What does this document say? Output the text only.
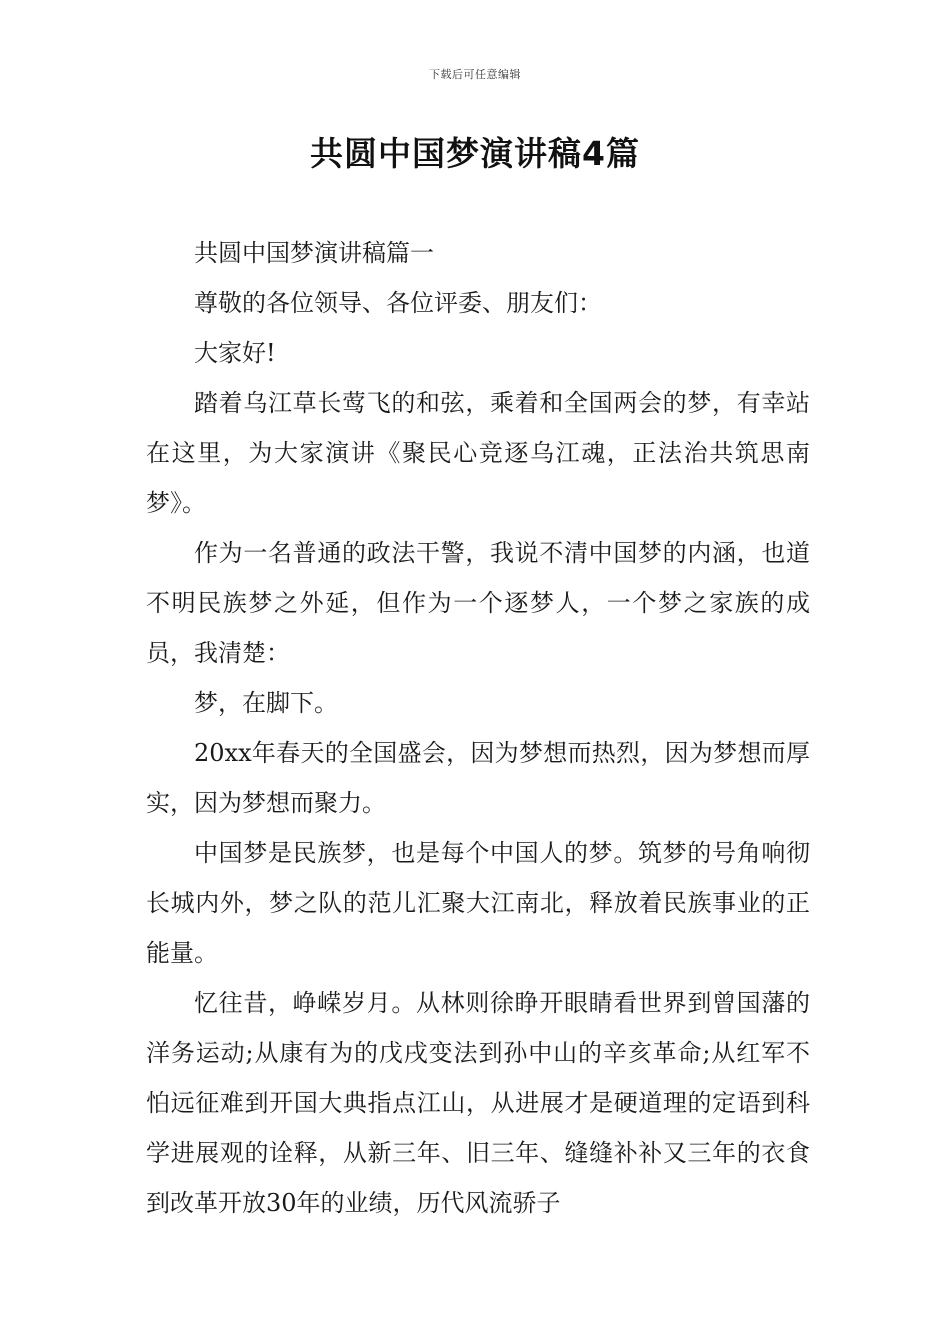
下载后可任意编辑
共圆中国梦演讲稿4篇

共圆中国梦演讲稿篇一

尊敬的各位领导、各位评委、朋友们：

大家好!

踏着乌江草长莺飞的和弦，乘着和全国两会的梦，有幸站在这里，为大家演讲《聚民心竞逐乌江魂，正法治共筑思南梦》。

作为一名普通的政法干警，我说不清中国梦的内涵，也道不明民族梦之外延，但作为一个逐梦人，一个梦之家族的成员，我清楚：

梦，在脚下。

20xx年春天的全国盛会，因为梦想而热烈，因为梦想而厚实，因为梦想而聚力。

中国梦是民族梦，也是每个中国人的梦。筑梦的号角响彻长城内外，梦之队的范儿汇聚大江南北，释放着民族事业的正能量。

忆往昔，峥嵘岁月。从林则徐睁开眼睛看世界到曾国藩的洋务运动;从康有为的戊戌变法到孙中山的辛亥革命;从红军不怕远征难到开国大典指点江山，从进展才是硬道理的定语到科学进展观的诠释，从新三年、旧三年、缝缝补补又三年的衣食到改革开放30年的业绩，历代风流骄子
